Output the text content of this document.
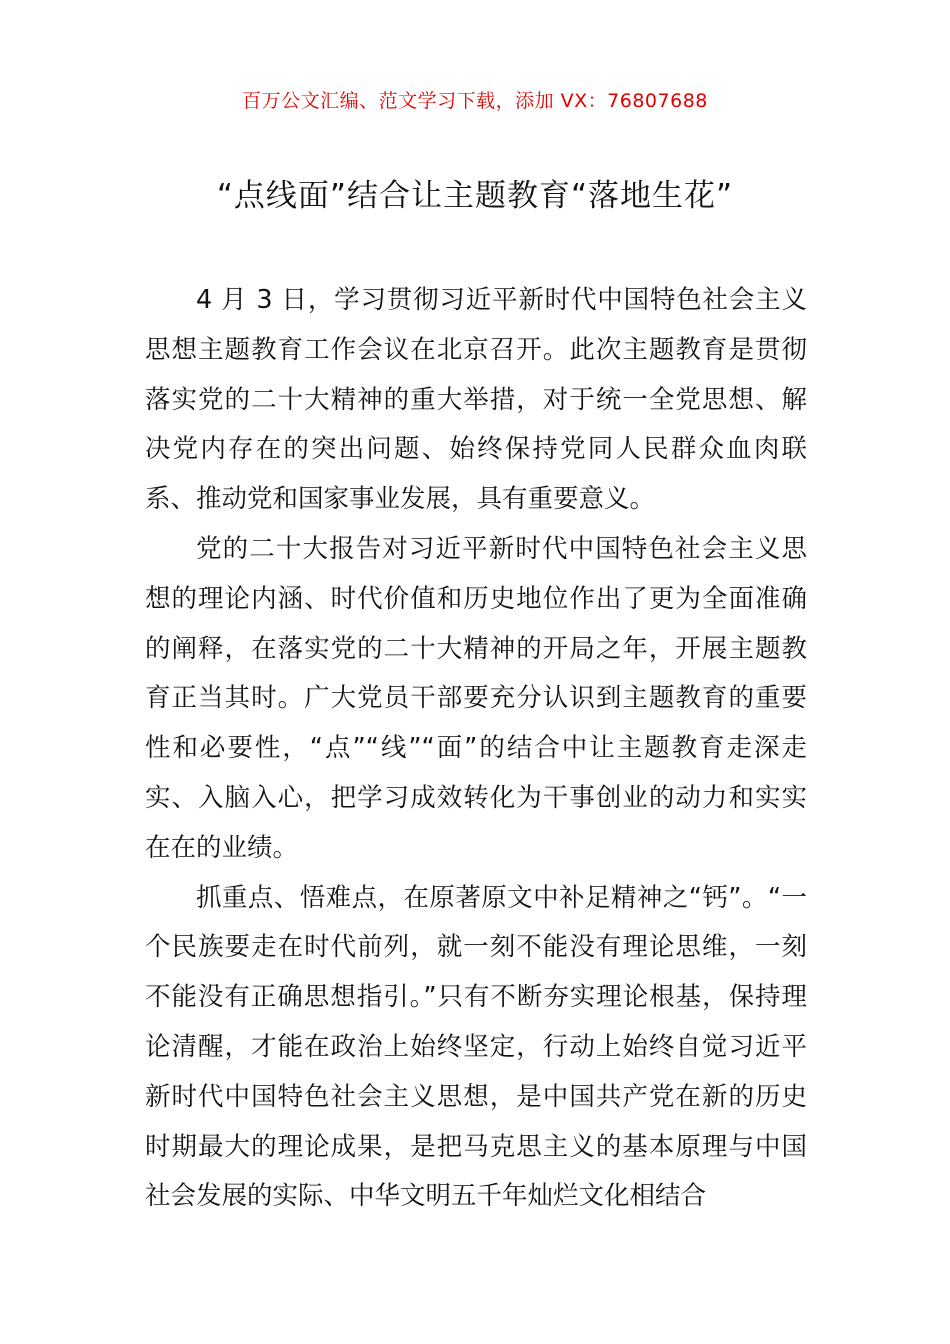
百万公文汇编、范文学习下载，添加 VX：76807688
“点线面”结合让主题教育“落地生花”

4 月 3 日，学习贯彻习近平新时代中国特色社会主义思想主题教育工作会议在北京召开。此次主题教育是贯彻落实党的二十大精神的重大举措，对于统一全党思想、解决党内存在的突出问题、始终保持党同人民群众血肉联系、推动党和国家事业发展，具有重要意义。

党的二十大报告对习近平新时代中国特色社会主义思想的理论内涵、时代价值和历史地位作出了更为全面准确的阐释，在落实党的二十大精神的开局之年，开展主题教育正当其时。广大党员干部要充分认识到主题教育的重要性和必要性，“点”“线”“面”的结合中让主题教育走深走实、入脑入心，把学习成效转化为干事创业的动力和实实在在的业绩。

抓重点、悟难点，在原著原文中补足精神之“钙”。“一个民族要走在时代前列，就一刻不能没有理论思维，一刻不能没有正确思想指引。”只有不断夯实理论根基，保持理论清醒，才能在政治上始终坚定，行动上始终自觉习近平新时代中国特色社会主义思想，是中国共产党在新的历史时期最大的理论成果，是把马克思主义的基本原理与中国社会发展的实际、中华文明五千年灿烂文化相结合
